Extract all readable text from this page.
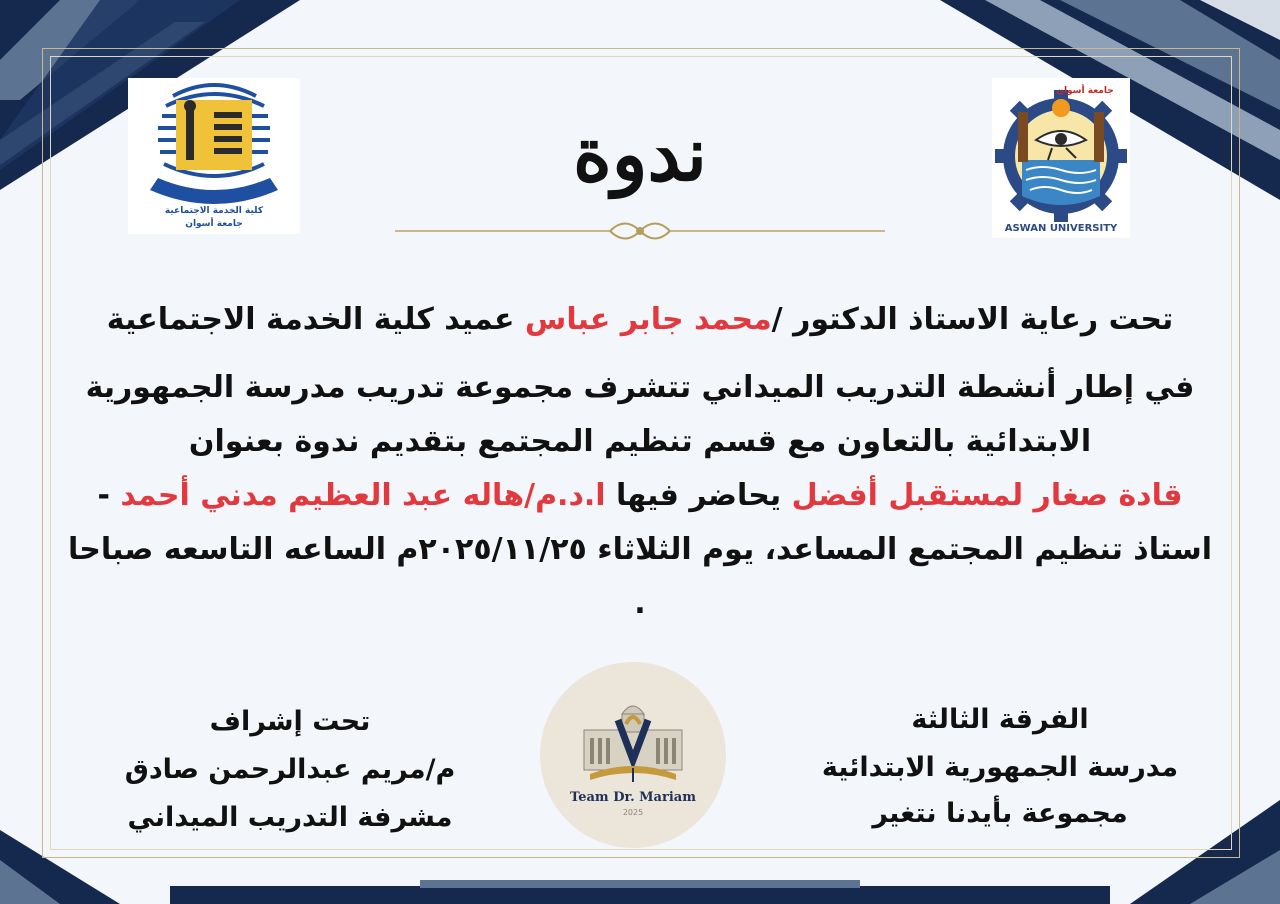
كلية الخدمة الاجتماعية
جامعة أسوان
جامعة أسوان
ASWAN UNIVERSITY
ندوة
تحت رعاية الاستاذ الدكتور /محمد جابر عباس عميد كلية الخدمة الاجتماعية
في إطار أنشطة التدريب الميداني تتشرف مجموعة تدريب مدرسة الجمهورية
الابتدائية بالتعاون مع قسم تنظيم المجتمع بتقديم ندوة بعنوان
قادة صغار لمستقبل أفضل يحاضر فيها ا.د.م/هاله عبد العظيم مدني أحمد -
استاذ تنظيم المجتمع المساعد، يوم الثلاثاء ٢٠٢٥/١١/٢٥م الساعه التاسعه صباحا
.
الفرقة الثالثة
مدرسة الجمهورية الابتدائية
مجموعة بأيدنا نتغير
تحت إشراف
م/مريم عبدالرحمن صادق
مشرفة التدريب الميداني
Team Dr. Mariam
2025
